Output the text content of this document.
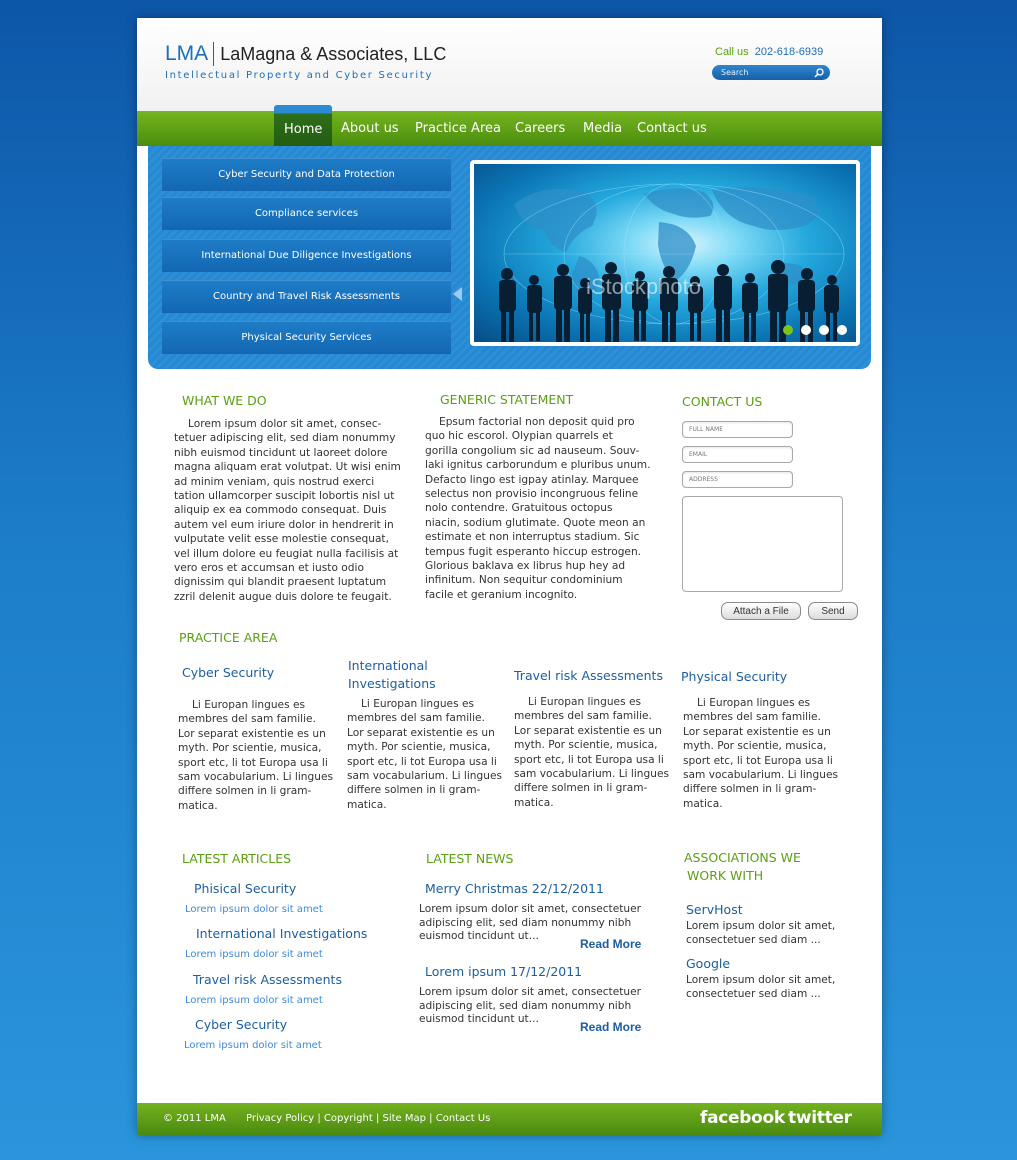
LMA LaMagna & Associates, LLC
Intellectual Property and Cyber Security
Call us 202-618-6939
Search
Home	About us Practice Area Careers Media Contact us
Cyber Security and Data Protection
Compliance services
International Due Diligence Investigations
Country and Travel Risk Assessments
Physical Security Services
iStockphoto
WHAT WE DO
Lorem ipsum dolor sit amet, consec-
tetuer adipiscing elit, sed diam nonummy
nibh euismod tincidunt ut laoreet dolore
magna aliquam erat volutpat. Ut wisi enim
ad minim veniam, quis nostrud exerci
tation ullamcorper suscipit lobortis nisl ut
aliquip ex ea commodo consequat. Duis
autem vel eum iriure dolor in hendrerit in
vulputate velit esse molestie consequat,
vel illum dolore eu feugiat nulla facilisis at
vero eros et accumsan et iusto odio
dignissim qui blandit praesent luptatum
zzril delenit augue duis dolore te feugait.
GENERIC STATEMENT
Epsum factorial non deposit quid pro
quo hic escorol. Olypian quarrels et
gorilla congolium sic ad nauseum. Souv-
laki ignitus carborundum e pluribus unum.
Defacto lingo est igpay atinlay. Marquee
selectus non provisio incongruous feline
nolo contendre. Gratuitous octopus
niacin, sodium glutimate. Quote meon an
estimate et non interruptus stadium. Sic
tempus fugit esperanto hiccup estrogen.
Glorious baklava ex librus hup hey ad
infinitum. Non sequitur condominium
facile et geranium incognito.
CONTACT US
FULL NAME
EMAIL
ADDRESS
Attach a File	Send
PRACTICE AREA
Cyber Security
Li Europan lingues es
membres del sam familie.
Lor separat existentie es un
myth. Por scientie, musica,
sport etc, li tot Europa usa li
sam vocabularium. Li lingues
differe solmen in li gram-
matica.
International
Investigations
Li Europan lingues es
membres del sam familie.
Lor separat existentie es un
myth. Por scientie, musica,
sport etc, li tot Europa usa li
sam vocabularium. Li lingues
differe solmen in li gram-
matica.
Travel risk Assessments
Li Europan lingues es
membres del sam familie.
Lor separat existentie es un
myth. Por scientie, musica,
sport etc, li tot Europa usa li
sam vocabularium. Li lingues
differe solmen in li gram-
matica.
Physical Security
Li Europan lingues es
membres del sam familie.
Lor separat existentie es un
myth. Por scientie, musica,
sport etc, li tot Europa usa li
sam vocabularium. Li lingues
differe solmen in li gram-
matica.
LATEST ARTICLES
Phisical Security
Lorem ipsum dolor sit amet
International Investigations
Lorem ipsum dolor sit amet
Travel risk Assessments
Lorem ipsum dolor sit amet
Cyber Security
Lorem ipsum dolor sit amet
LATEST NEWS
Merry Christmas 22/12/2011
Lorem ipsum dolor sit amet, consectetuer
adipiscing elit, sed diam nonummy nibh
euismod tincidunt ut...
Read More
Lorem ipsum 17/12/2011
Lorem ipsum dolor sit amet, consectetuer
adipiscing elit, sed diam nonummy nibh
euismod tincidunt ut...
Read More
ASSOCIATIONS WE
WORK WITH
ServHost
Lorem ipsum dolor sit amet,
consectetuer sed diam ...
Google
Lorem ipsum dolor sit amet,
consectetuer sed diam ...
© 2011 LMA Privacy Policy | Copyright | Site Map | Contact Us	facebook twitter
